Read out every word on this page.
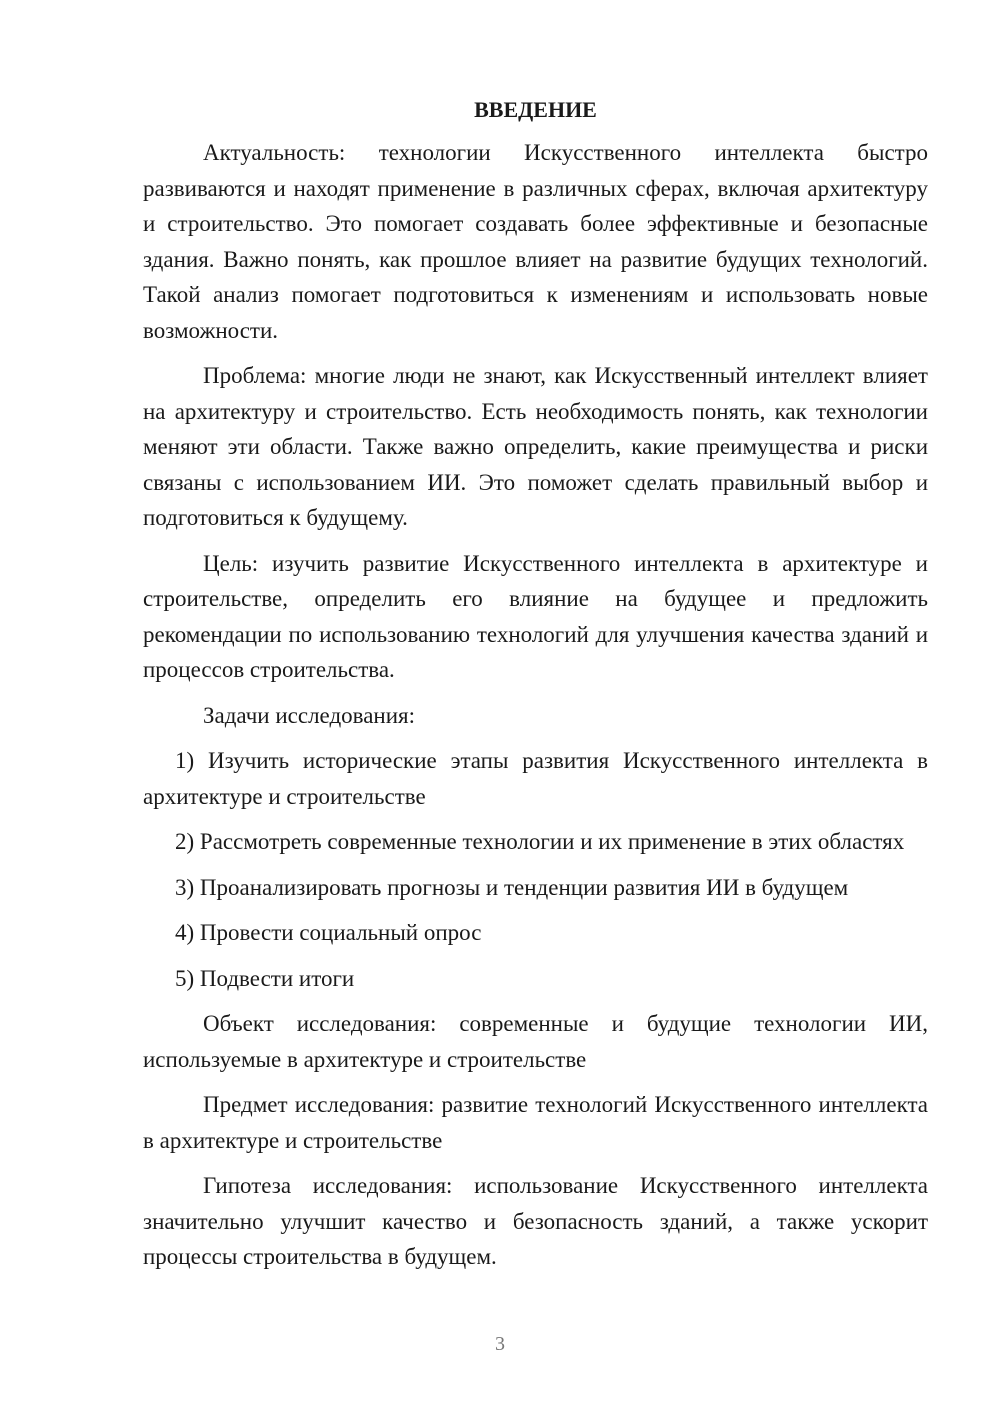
ВВЕДЕНИЕ

Актуальность: технологии Искусственного интеллекта быстро развиваются и находят применение в различных сферах, включая архитектуру и строительство. Это помогает создавать более эффективные и безопасные здания. Важно понять, как прошлое влияет на развитие будущих технологий. Такой анализ помогает подготовиться к изменениям и использовать новые возможности.

Проблема: многие люди не знают, как Искусственный интеллект влияет на архитектуру и строительство. Есть необходимость понять, как технологии меняют эти области. Также важно определить, какие преимущества и риски связаны с использованием ИИ. Это поможет сделать правильный выбор и подготовиться к будущему.

Цель: изучить развитие Искусственного интеллекта в архитектуре и строительстве, определить его влияние на будущее и предложить рекомендации по использованию технологий для улучшения качества зданий и процессов строительства.

Задачи исследования:

1) Изучить исторические этапы развития Искусственного интеллекта в архитектуре и строительстве

2) Рассмотреть современные технологии и их применение в этих областях

3) Проанализировать прогнозы и тенденции развития ИИ в будущем

4) Провести социальный опрос

5) Подвести итоги

Объект исследования: современные и будущие технологии ИИ, используемые в архитектуре и строительстве

Предмет исследования: развитие технологий Искусственного интеллекта в архитектуре и строительстве

Гипотеза исследования: использование Искусственного интеллекта значительно улучшит качество и безопасность зданий, а также ускорит процессы строительства в будущем.

3
